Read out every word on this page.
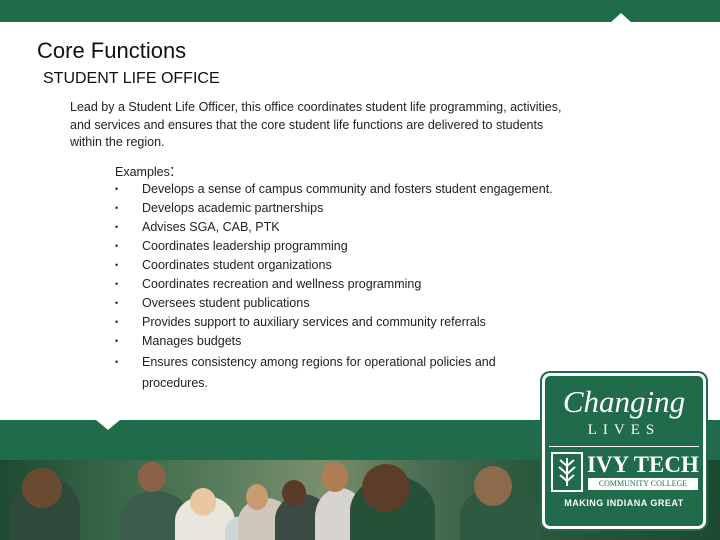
Core Functions
STUDENT LIFE OFFICE
Lead by a Student Life Officer, this office coordinates student life programming, activities, and services and ensures that the core student life functions are delivered to students within the region.
Examples:
• Develops a sense of campus community and fosters student engagement.
• Develops academic partnerships
• Advises SGA, CAB, PTK
• Coordinates leadership programming
• Coordinates student organizations
• Coordinates recreation and wellness programming
• Oversees student publications
• Provides support to auxiliary services and community referrals
• Manages budgets
• Ensures consistency among regions for operational policies and procedures.
Changing
LIVES
IVY TECH
COMMUNITY COLLEGE
MAKING INDIANA GREAT
